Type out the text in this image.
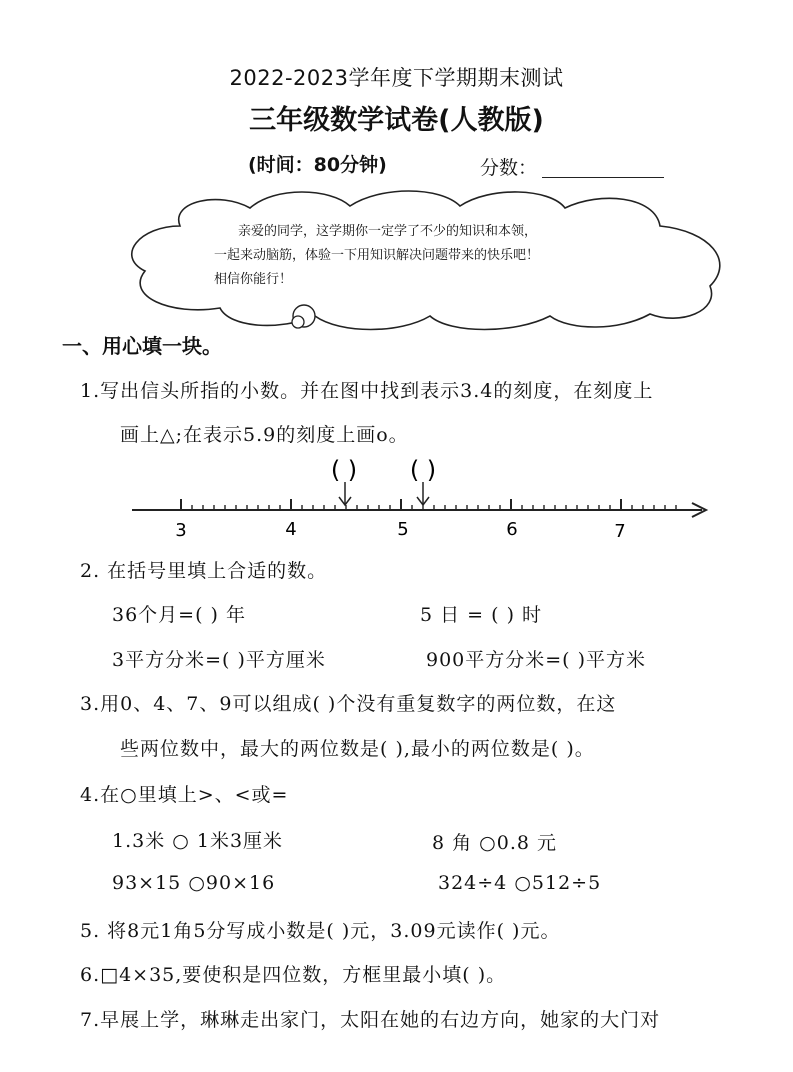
2022-2023学年度下学期期末测试
三年级数学试卷(人教版)
(时间：80分钟)	分数：
亲爱的同学，这学期你一定学了不少的知识和本领，
一起来动脑筋，体验一下用知识解决问题带来的快乐吧！
相信你能行！
一、用心填一块。
1.写出信头所指的小数。并在图中找到表示3.4的刻度，在刻度上
画上△;在表示5.9的刻度上画o。
( ) ( )
3	4	5	6	7
2. 在括号里填上合适的数。
36个月=( ) 年	5 日 = ( ) 时
3平方分米=( )平方厘米	900平方分米=( )平方米
3.用0、4、7、9可以组成( )个没有重复数字的两位数，在这
些两位数中，最大的两位数是( ),最小的两位数是( )。
4.在○里填上>、<或=
1.3米 ○ 1米3厘米	8 角 ○0.8 元
93×15 ○90×16	324÷4 ○512÷5
5. 将8元1角5分写成小数是( )元，3.09元读作( )元。
6.□4×35,要使积是四位数，方框里最小填( )。
7.早展上学，琳琳走出家门，太阳在她的右边方向，她家的大门对
